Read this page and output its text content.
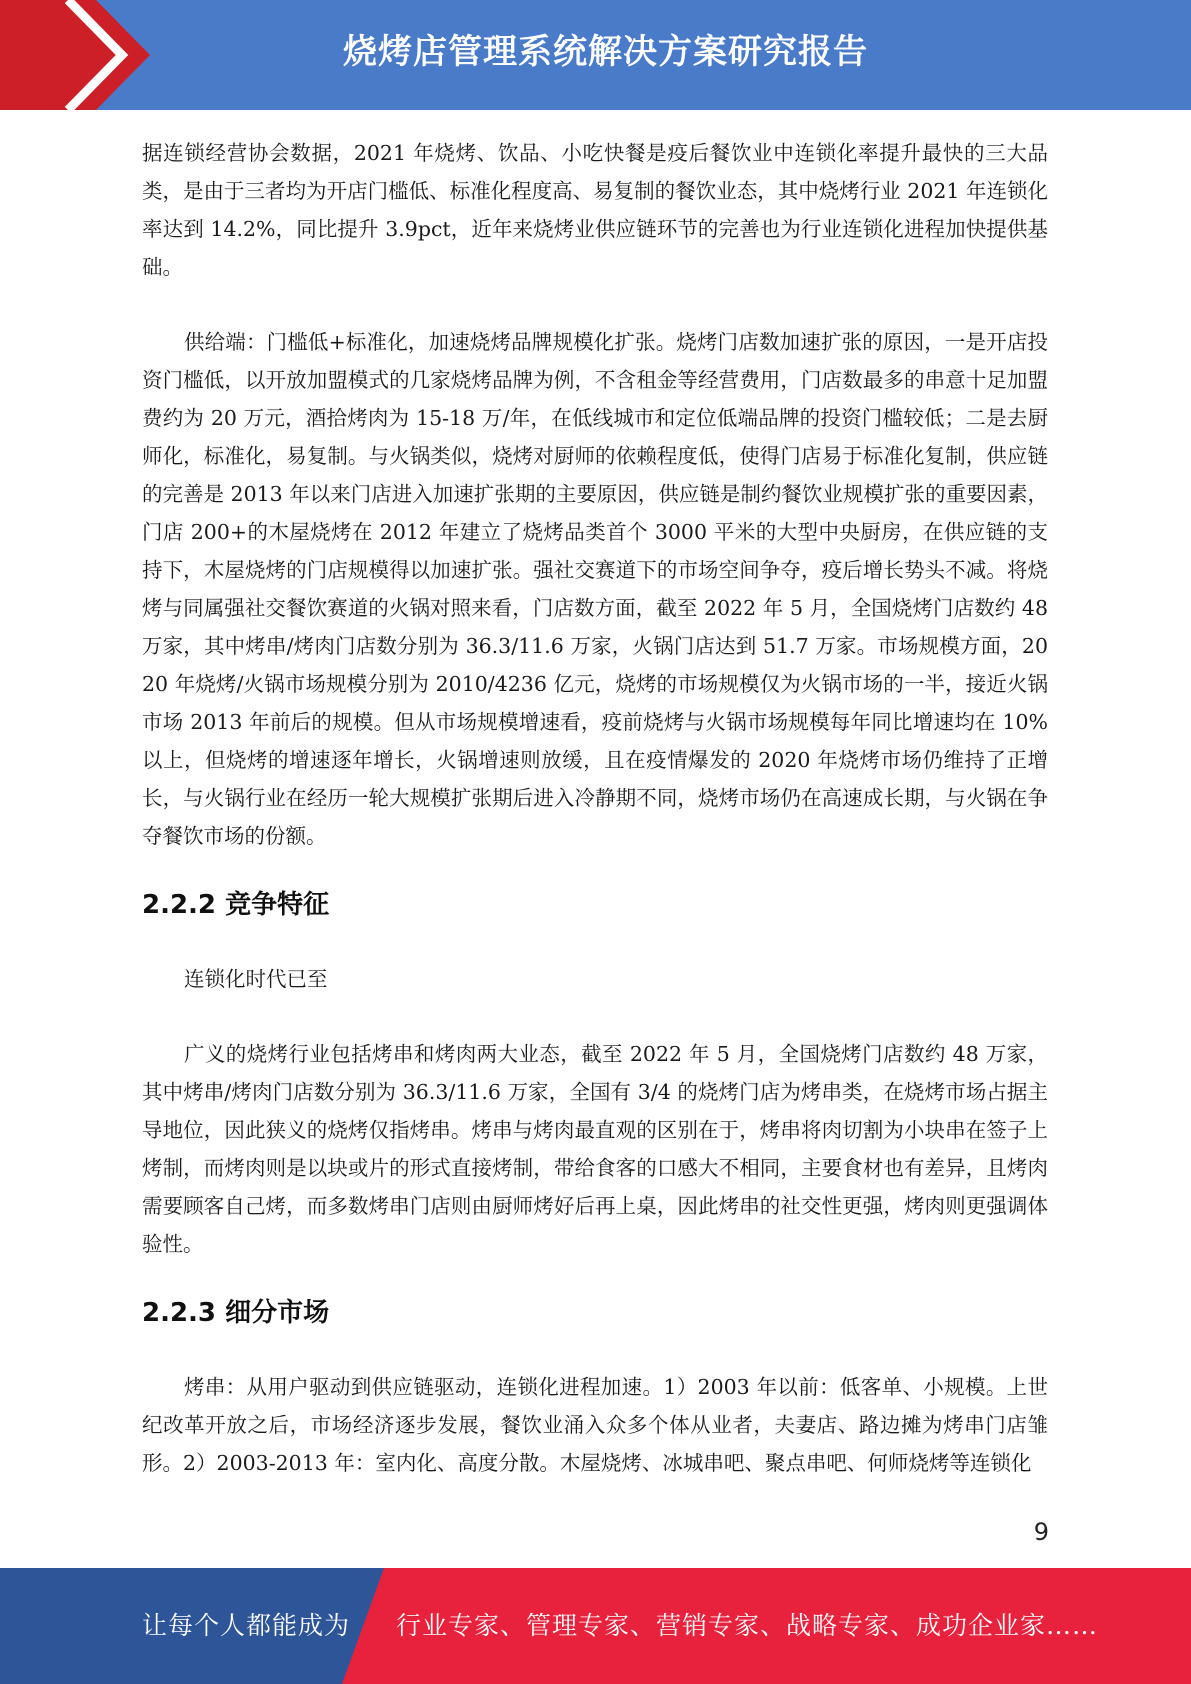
烧烤店管理系统解决方案研究报告

据连锁经营协会数据，2021 年烧烤、饮品、小吃快餐是疫后餐饮业中连锁化率提升最快的三大品类，是由于三者均为开店门槛低、标准化程度高、易复制的餐饮业态，其中烧烤行业 2021 年连锁化率达到 14.2%，同比提升 3.9pct，近年来烧烤业供应链环节的完善也为行业连锁化进程加快提供基础。

供给端：门槛低+标准化，加速烧烤品牌规模化扩张。烧烤门店数加速扩张的原因，一是开店投资门槛低，以开放加盟模式的几家烧烤品牌为例，不含租金等经营费用，门店数最多的串意十足加盟费约为 20 万元，酒拾烤肉为 15-18 万/年，在低线城市和定位低端品牌的投资门槛较低；二是去厨师化，标准化，易复制。与火锅类似，烧烤对厨师的依赖程度低，使得门店易于标准化复制，供应链的完善是 2013 年以来门店进入加速扩张期的主要原因，供应链是制约餐饮业规模扩张的重要因素，门店 200+的木屋烧烤在 2012 年建立了烧烤品类首个 3000 平米的大型中央厨房，在供应链的支持下，木屋烧烤的门店规模得以加速扩张。强社交赛道下的市场空间争夺，疫后增长势头不减。将烧烤与同属强社交餐饮赛道的火锅对照来看，门店数方面，截至 2022 年 5 月，全国烧烤门店数约 48 万家，其中烤串/烤肉门店数分别为 36.3/11.6 万家，火锅门店达到 51.7 万家。市场规模方面，2020 年烧烤/火锅市场规模分别为 2010/4236 亿元，烧烤的市场规模仅为火锅市场的一半，接近火锅市场 2013 年前后的规模。但从市场规模增速看，疫前烧烤与火锅市场规模每年同比增速均在 10%以上，但烧烤的增速逐年增长，火锅增速则放缓，且在疫情爆发的 2020 年烧烤市场仍维持了正增长，与火锅行业在经历一轮大规模扩张期后进入冷静期不同，烧烤市场仍在高速成长期，与火锅在争夺餐饮市场的份额。

2.2.2 竞争特征

连锁化时代已至

广义的烧烤行业包括烤串和烤肉两大业态，截至 2022 年 5 月，全国烧烤门店数约 48 万家，其中烤串/烤肉门店数分别为 36.3/11.6 万家，全国有 3/4 的烧烤门店为烤串类，在烧烤市场占据主导地位，因此狭义的烧烤仅指烤串。烤串与烤肉最直观的区别在于，烤串将肉切割为小块串在签子上烤制，而烤肉则是以块或片的形式直接烤制，带给食客的口感大不相同，主要食材也有差异，且烤肉需要顾客自己烤，而多数烤串门店则由厨师烤好后再上桌，因此烤串的社交性更强，烤肉则更强调体验性。

2.2.3 细分市场

烤串：从用户驱动到供应链驱动，连锁化进程加速。1）2003 年以前：低客单、小规模。上世纪改革开放之后，市场经济逐步发展，餐饮业涌入众多个体从业者，夫妻店、路边摊为烤串门店雏形。2）2003-2013 年：室内化、高度分散。木屋烧烤、冰城串吧、聚点串吧、何师烧烤等连锁化

9
让每个人都能成为 行业专家、管理专家、营销专家、战略专家、成功企业家……
